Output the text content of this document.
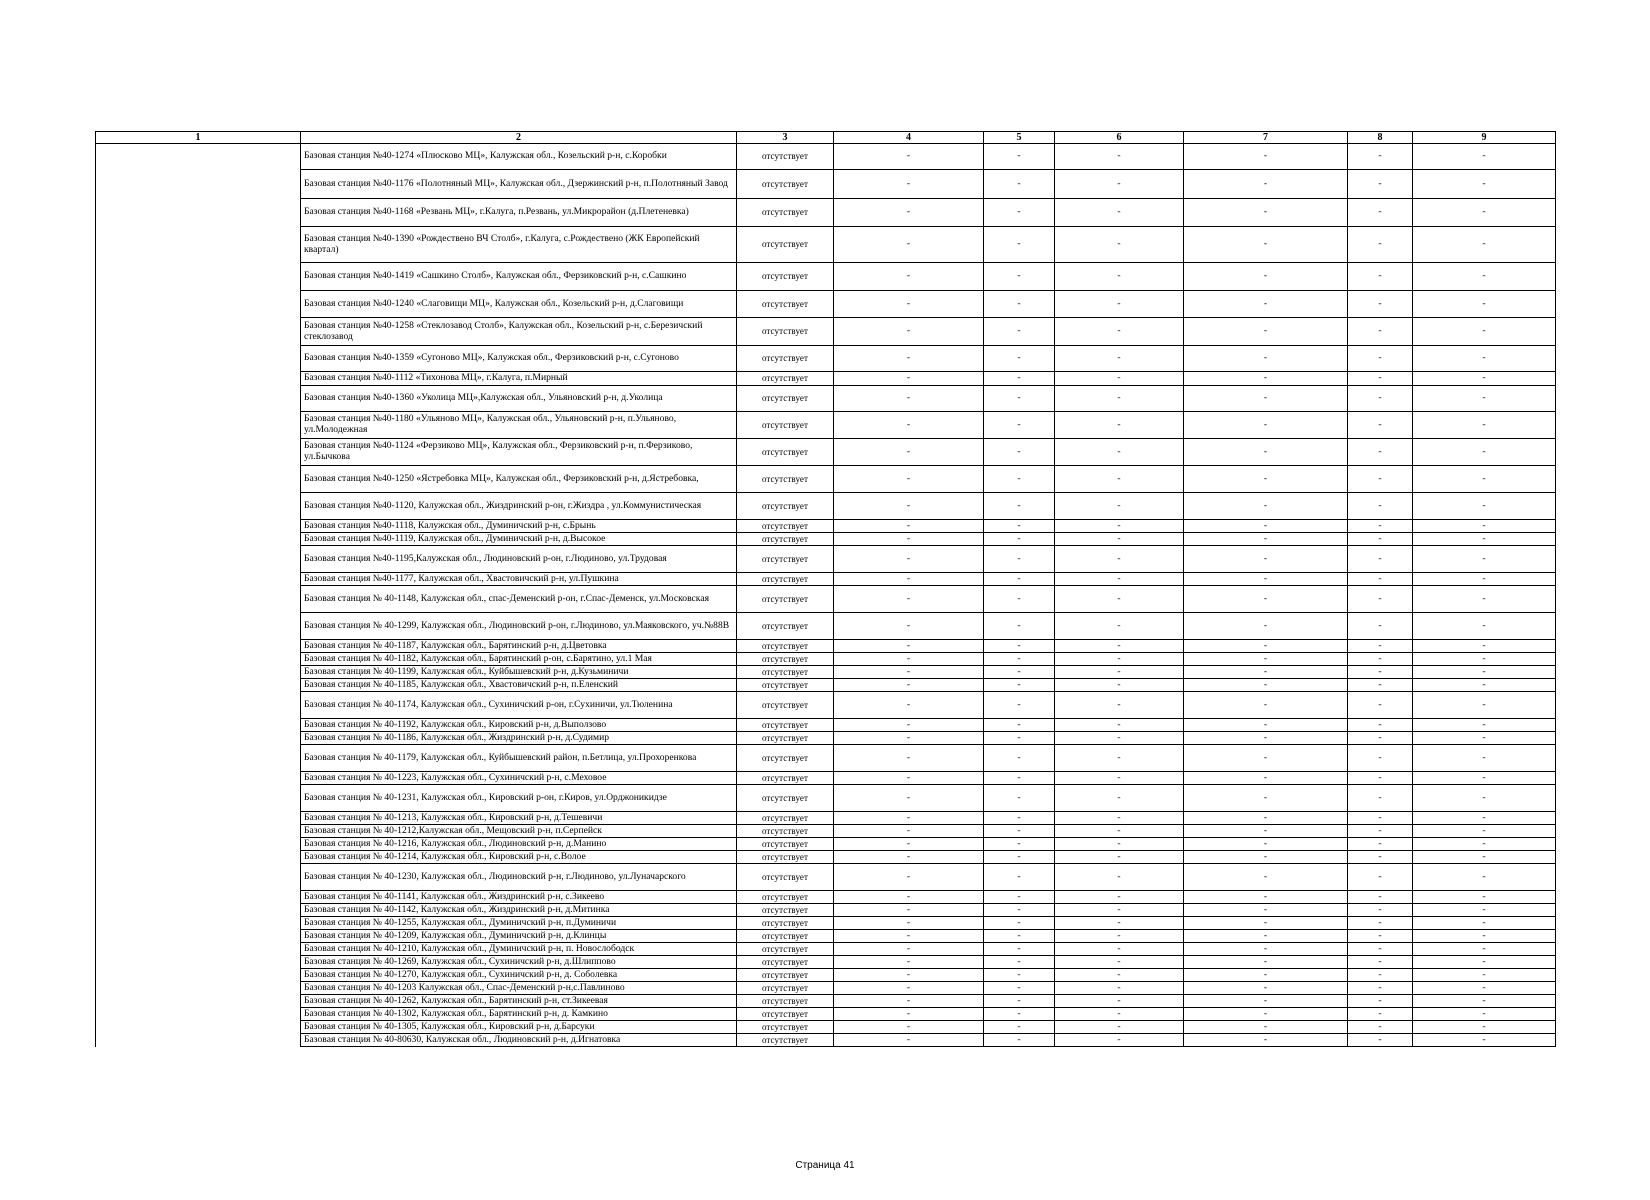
1	2	3	4	5	6	7	8	9
	Базовая станция №40-1274 «Плюсково МЦ», Калужская обл., Козельский р-н, с.Коробки	отсутствует	-	-	-	-	-	-
	Базовая станция №40-1176 «Полотняный МЦ», Калужская обл., Дзержинский р-н, п.Полотняный Завод	отсутствует	-	-	-	-	-	-
	Базовая станция №40-1168 «Резвань МЦ», г.Калуга, п.Резвань, ул.Микрорайон (д.Плетеневка)	отсутствует	-	-	-	-	-	-
	Базовая станция №40-1390 «Рождествено ВЧ Столб», г.Калуга, с.Рождествено (ЖК Европейский квартал)	отсутствует	-	-	-	-	-	-
	Базовая станция №40-1419 «Сашкино Столб», Калужская обл., Ферзиковский р-н, с.Сашкино	отсутствует	-	-	-	-	-	-
	Базовая станция №40-1240 «Слаговищи МЦ», Калужская обл., Козельский р-н, д.Слаговищи	отсутствует	-	-	-	-	-	-
	Базовая станция №40-1258 «Стеклозавод Столб», Калужская обл., Козельский р-н, с.Березичский стеклозавод	отсутствует	-	-	-	-	-	-
	Базовая станция №40-1359 «Сугоново МЦ», Калужская обл., Ферзиковский р-н, с.Сугоново	отсутствует	-	-	-	-	-	-
	Базовая станция №40-1112 «Тихонова МЦ», г.Калуга, п.Мирный	отсутствует	-	-	-	-	-	-
	Базовая станция №40-1360 «Уколица МЦ»,Калужская обл., Ульяновский р-н, д.Уколица	отсутствует	-	-	-	-	-	-
	Базовая станция №40-1180 «Ульяново МЦ», Калужская обл., Ульяновский р-н, п.Ульяново, ул.Молодежная	отсутствует	-	-	-	-	-	-
	Базовая станция №40-1124 «Ферзиково МЦ», Калужская обл., Ферзиковский р-н, п.Ферзиково, ул.Бычкова	отсутствует	-	-	-	-	-	-
	Базовая станция №40-1250 «Ястребовка МЦ», Калужская обл., Ферзиковский р-н, д.Ястребовка,	отсутствует	-	-	-	-	-	-
	Базовая станция №40-1120, Калужская обл., Жиздринский р-он, г.Жиздра , ул.Коммунистическая	отсутствует	-	-	-	-	-	-
	Базовая станция №40-1118, Калужская обл., Думиничский р-н, с.Брынь	отсутствует	-	-	-	-	-	-
	Базовая станция №40-1119, Калужская обл., Думиничский р-н, д.Высокое	отсутствует	-	-	-	-	-	-
	Базовая станция №40-1195,Калужская обл., Людиновский р-он, г.Людиново, ул.Трудовая	отсутствует	-	-	-	-	-	-
	Базовая станция №40-1177, Калужская обл., Хвастовичский р-н, ул.Пушкина	отсутствует	-	-	-	-	-	-
	Базовая станция № 40-1148, Калужская обл., спас-Деменский р-он, г.Спас-Деменск, ул.Московская	отсутствует	-	-	-	-	-	-
	Базовая станция № 40-1299, Калужская обл., Людиновский р-он, г.Людиново, ул.Маяковского, уч.№88В	отсутствует	-	-	-	-	-	-
	Базовая станция № 40-1187, Калужская обл., Барятинский р-н, д.Цветовка	отсутствует	-	-	-	-	-	-
	Базовая станция № 40-1182, Калужская обл., Барятинский р-он, с.Барятино, ул.1 Мая	отсутствует	-	-	-	-	-	-
	Базовая станция № 40-1199, Калужская обл., Куйбышевский р-н, д.Кузьминичи	отсутствует	-	-	-	-	-	-
	Базовая станция № 40-1185, Калужская обл., Хвастовичский р-н, п.Еленский	отсутствует	-	-	-	-	-	-
	Базовая станция № 40-1174, Калужская обл., Сухиничский р-он, г.Сухиничи, ул.Тюленина	отсутствует	-	-	-	-	-	-
	Базовая станция № 40-1192, Калужская обл., Кировский р-н, д.Выползово	отсутствует	-	-	-	-	-	-
	Базовая станция № 40-1186, Калужская обл., Жиздринский р-н, д.Судимир	отсутствует	-	-	-	-	-	-
	Базовая станция № 40-1179, Калужская обл., Куйбышевский район, п.Бетлица, ул.Прохоренкова	отсутствует	-	-	-	-	-	-
	Базовая станция № 40-1223, Калужская обл., Сухиничский р-н, с.Меховое	отсутствует	-	-	-	-	-	-
	Базовая станция № 40-1231, Калужская обл., Кировский р-он, г.Киров, ул.Орджоникидзе	отсутствует	-	-	-	-	-	-
	Базовая станция № 40-1213, Калужская обл., Кировский р-н, д.Тешевичи	отсутствует	-	-	-	-	-	-
	Базовая станция № 40-1212,Калужская обл., Мещовский р-н, п.Серпейск	отсутствует	-	-	-	-	-	-
	Базовая станция № 40-1216, Калужская обл., Людиновский р-н, д.Манино	отсутствует	-	-	-	-	-	-
	Базовая станция № 40-1214, Калужская обл., Кировский р-н, с.Волое	отсутствует	-	-	-	-	-	-
	Базовая станция № 40-1230, Калужская обл., Людиновский р-н, г.Людиново, ул.Луначарского	отсутствует	-	-	-	-	-	-
	Базовая станция № 40-1141, Калужская обл., Жиздринский р-н, с.Зикеево	отсутствует	-	-	-	-	-	-
	Базовая станция № 40-1142, Калужская обл., Жиздринский р-н, д.Митинка	отсутствует	-	-	-	-	-	-
	Базовая станция № 40-1255, Калужская обл., Думиничский р-н, п.Думиничи	отсутствует	-	-	-	-	-	-
	Базовая станция № 40-1209, Калужская обл., Думиничский р-н, д.Клинцы	отсутствует	-	-	-	-	-	-
	Базовая станция № 40-1210, Калужская обл., Думиничский р-н, п. Новослободск	отсутствует	-	-	-	-	-	-
	Базовая станция № 40-1269, Калужская обл., Сухиничский р-н, д.Шлиппово	отсутствует	-	-	-	-	-	-
	Базовая станция № 40-1270, Калужская обл., Сухиничский р-н, д. Соболевка	отсутствует	-	-	-	-	-	-
	Базовая станция № 40-1203 Калужская обл., Спас-Деменский р-н,с.Павлиново	отсутствует	-	-	-	-	-	-
	Базовая станция № 40-1262, Калужская обл., Барятинский р-н, ст.Зикеевая	отсутствует	-	-	-	-	-	-
	Базовая станция № 40-1302, Калужская обл., Барятинский р-н, д. Камкино	отсутствует	-	-	-	-	-	-
	Базовая станция № 40-1305, Калужская обл., Кировский р-н, д.Барсуки	отсутствует	-	-	-	-	-	-
	Базовая станция № 40-80630, Калужская обл., Людиновский р-н, д.Игнатовка	отсутствует	-	-	-	-	-	-
Страница 41
